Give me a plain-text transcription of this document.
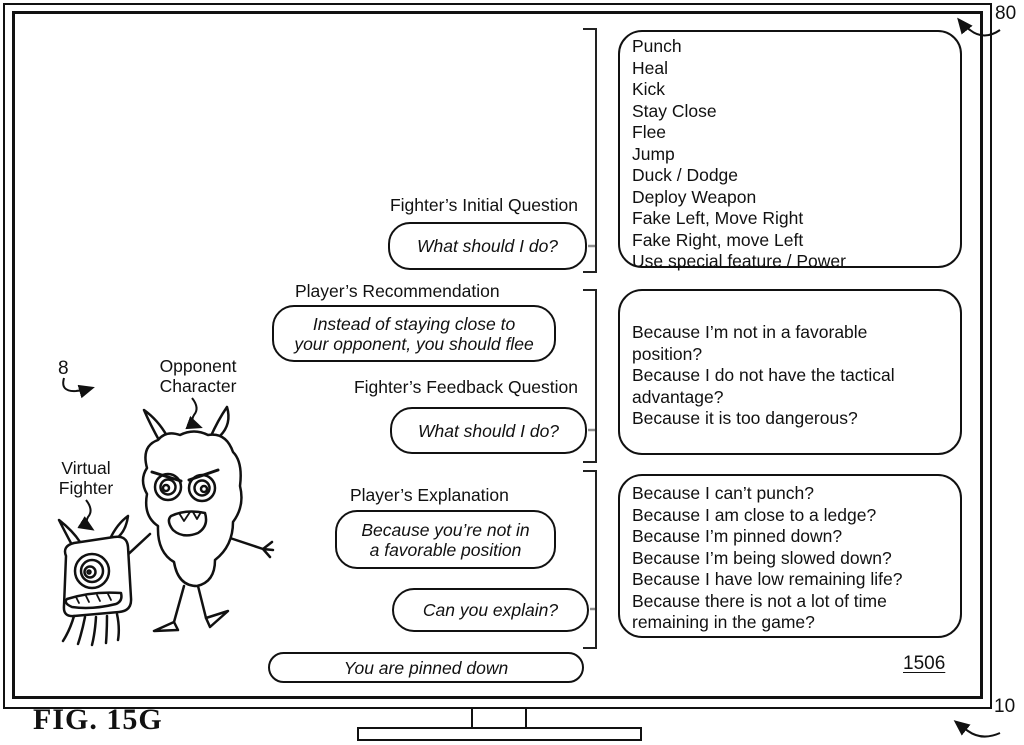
FIG. 15G
80
10
8
1506
Opponent
Character
Virtual
Fighter
Fighter’s Initial Question
Player’s Recommendation
Fighter’s Feedback Question
Player’s Explanation
What should I do?
Instead of staying close to
your opponent, you should flee
What should I do?
Because you’re not in
a favorable position
Can you explain?
You are pinned down
Punch
Heal
Kick
Stay Close
Flee
Jump
Duck / Dodge
Deploy Weapon
Fake Left, Move Right
Fake Right, move Left
Use special feature / Power
Because I’m not in a favorable position?
Because I do not have the tactical advantage?
Because it is too dangerous?
Because I can’t punch?
Because I am close to a ledge?
Because I’m pinned down?
Because I’m being slowed down?
Because I have low remaining life?
Because there is not a lot of time remaining in the game?
